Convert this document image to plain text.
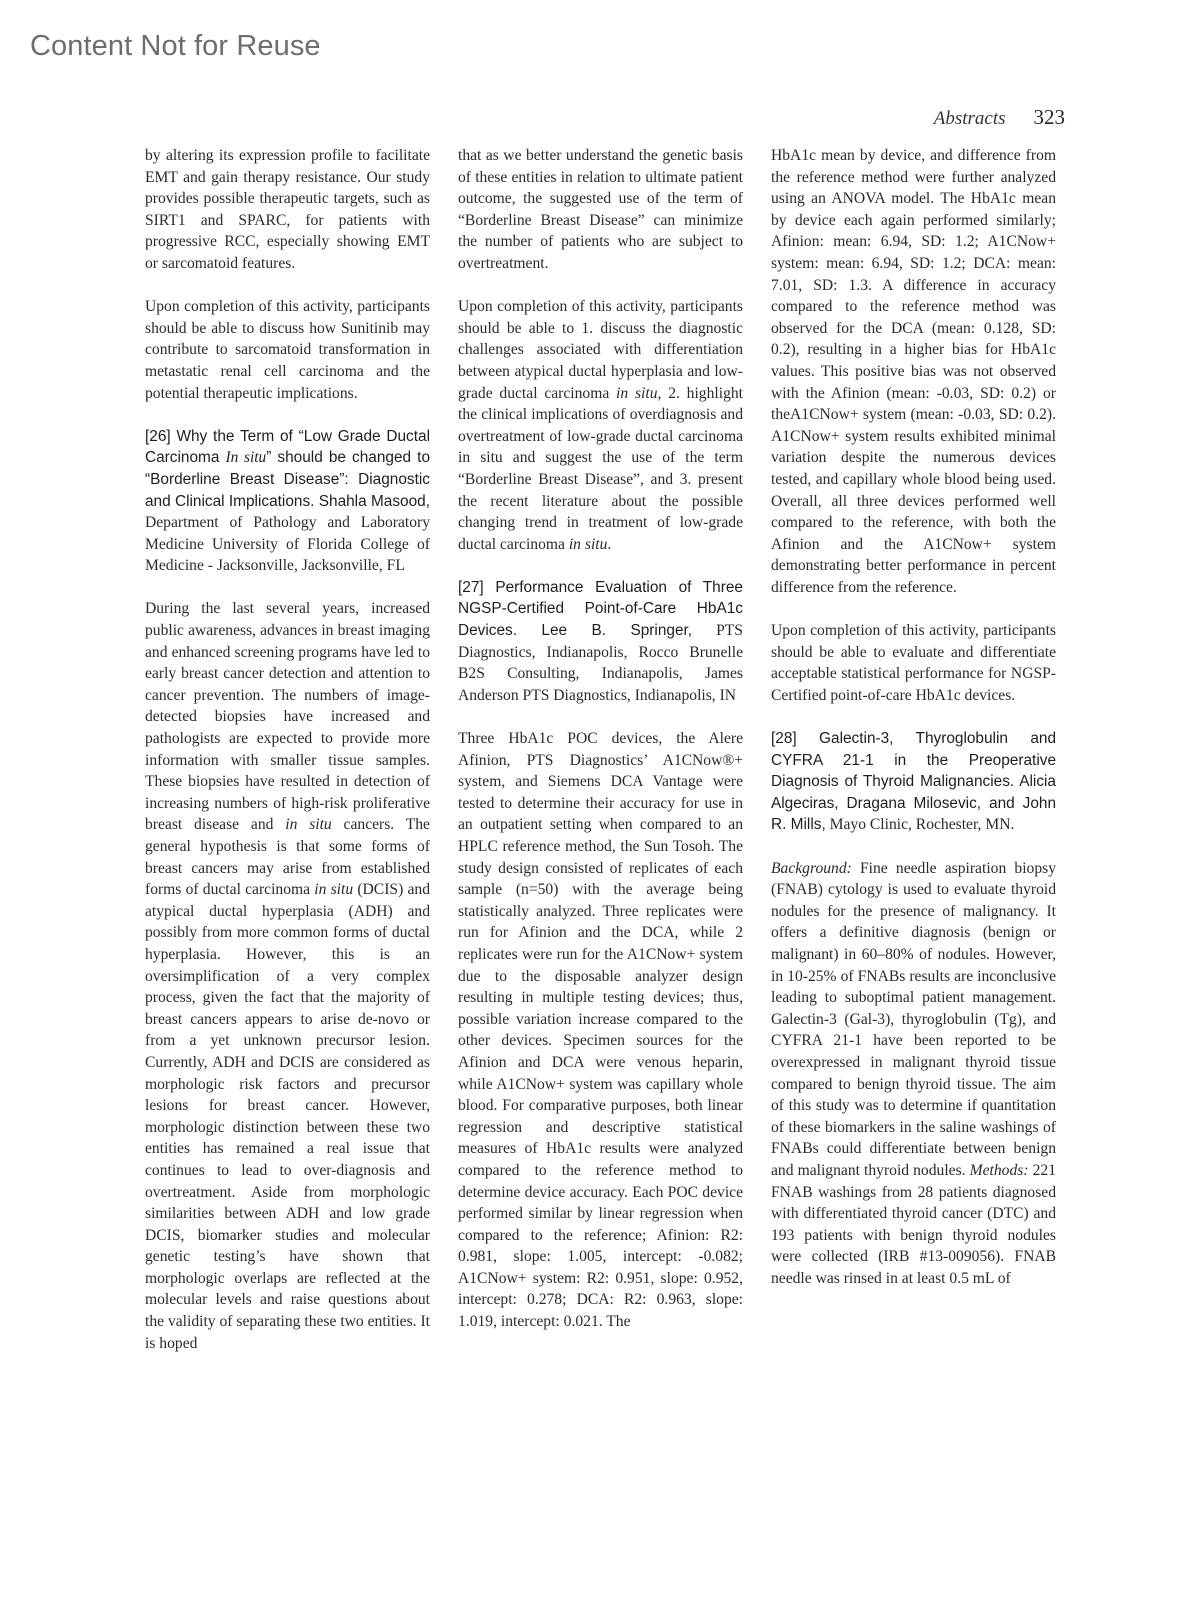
Content Not for Reuse
Abstracts 323

by altering its expression profile to facilitate EMT and gain therapy resistance. Our study provides possible therapeutic targets, such as SIRT1 and SPARC, for patients with progressive RCC, especially showing EMT or sarcomatoid features.

Upon completion of this activity, participants should be able to discuss how Sunitinib may contribute to sarcomatoid transformation in metastatic renal cell carcinoma and the potential therapeutic implications.

[26] Why the Term of “Low Grade Ductal Carcinoma In situ” should be changed to “Borderline Breast Disease”: Diagnostic and Clinical Implications. Shahla Masood, Department of Pathology and Laboratory Medicine University of Florida College of Medicine - Jacksonville, Jacksonville, FL

During the last several years, increased public awareness, advances in breast imaging and enhanced screening programs have led to early breast cancer detection and attention to cancer prevention. The numbers of image-detected biopsies have increased and pathologists are expected to provide more information with smaller tissue samples. These biopsies have resulted in detection of increasing numbers of high-risk proliferative breast disease and in situ cancers. The general hypothesis is that some forms of breast cancers may arise from established forms of ductal carcinoma in situ (DCIS) and atypical ductal hyperplasia (ADH) and possibly from more common forms of ductal hyperplasia. However, this is an oversimplification of a very complex process, given the fact that the majority of breast cancers appears to arise de-novo or from a yet unknown precursor lesion. Currently, ADH and DCIS are considered as morphologic risk factors and precursor lesions for breast cancer. However, morphologic distinction between these two entities has remained a real issue that continues to lead to over-diagnosis and overtreatment. Aside from morphologic similarities between ADH and low grade DCIS, biomarker studies and molecular genetic testing’s have shown that morphologic overlaps are reflected at the molecular levels and raise questions about the validity of separating these two entities. It is hoped

that as we better understand the genetic basis of these entities in relation to ultimate patient outcome, the suggested use of the term of “Borderline Breast Disease” can minimize the number of patients who are subject to overtreatment.

Upon completion of this activity, participants should be able to 1. discuss the diagnostic challenges associated with differentiation between atypical ductal hyperplasia and low-grade ductal carcinoma in situ, 2. highlight the clinical implications of overdiagnosis and overtreatment of low-grade ductal carcinoma in situ and suggest the use of the term “Borderline Breast Disease”, and 3. present the recent literature about the possible changing trend in treatment of low-grade ductal carcinoma in situ.

[27] Performance Evaluation of Three NGSP-Certified Point-of-Care HbA1c Devices. Lee B. Springer, PTS Diagnostics, Indianapolis, Rocco Brunelle B2S Consulting, Indianapolis, James Anderson PTS Diagnostics, Indianapolis, IN

Three HbA1c POC devices, the Alere Afinion, PTS Diagnostics’ A1CNow®+ system, and Siemens DCA Vantage were tested to determine their accuracy for use in an outpatient setting when compared to an HPLC reference method, the Sun Tosoh. The study design consisted of replicates of each sample (n=50) with the average being statistically analyzed. Three replicates were run for Afinion and the DCA, while 2 replicates were run for the A1CNow+ system due to the disposable analyzer design resulting in multiple testing devices; thus, possible variation increase compared to the other devices. Specimen sources for the Afinion and DCA were venous heparin, while A1CNow+ system was capillary whole blood. For comparative purposes, both linear regression and descriptive statistical measures of HbA1c results were analyzed compared to the reference method to determine device accuracy. Each POC device performed similar by linear regression when compared to the reference; Afinion: R2: 0.981, slope: 1.005, intercept: -0.082; A1CNow+ system: R2: 0.951, slope: 0.952, intercept: 0.278; DCA: R2: 0.963, slope: 1.019, intercept: 0.021. The

HbA1c mean by device, and difference from the reference method were further analyzed using an ANOVA model. The HbA1c mean by device each again performed similarly; Afinion: mean: 6.94, SD: 1.2; A1CNow+ system: mean: 6.94, SD: 1.2; DCA: mean: 7.01, SD: 1.3. A difference in accuracy compared to the reference method was observed for the DCA (mean: 0.128, SD: 0.2), resulting in a higher bias for HbA1c values. This positive bias was not observed with the Afinion (mean: -0.03, SD: 0.2) or theA1CNow+ system (mean: -0.03, SD: 0.2). A1CNow+ system results exhibited minimal variation despite the numerous devices tested, and capillary whole blood being used. Overall, all three devices performed well compared to the reference, with both the Afinion and the A1CNow+ system demonstrating better performance in percent difference from the reference.

Upon completion of this activity, participants should be able to evaluate and differentiate acceptable statistical performance for NGSP-Certified point-of-care HbA1c devices.

[28] Galectin-3, Thyroglobulin and CYFRA 21-1 in the Preoperative Diagnosis of Thyroid Malignancies. Alicia Algeciras, Dragana Milosevic, and John R. Mills, Mayo Clinic, Rochester, MN.

Background: Fine needle aspiration biopsy (FNAB) cytology is used to evaluate thyroid nodules for the presence of malignancy. It offers a definitive diagnosis (benign or malignant) in 60–80% of nodules. However, in 10-25% of FNABs results are inconclusive leading to suboptimal patient management. Galectin-3 (Gal-3), thyroglobulin (Tg), and CYFRA 21-1 have been reported to be overexpressed in malignant thyroid tissue compared to benign thyroid tissue. The aim of this study was to determine if quantitation of these biomarkers in the saline washings of FNABs could differentiate between benign and malignant thyroid nodules. Methods: 221 FNAB washings from 28 patients diagnosed with differentiated thyroid cancer (DTC) and 193 patients with benign thyroid nodules were collected (IRB #13-009056). FNAB needle was rinsed in at least 0.5 mL of
